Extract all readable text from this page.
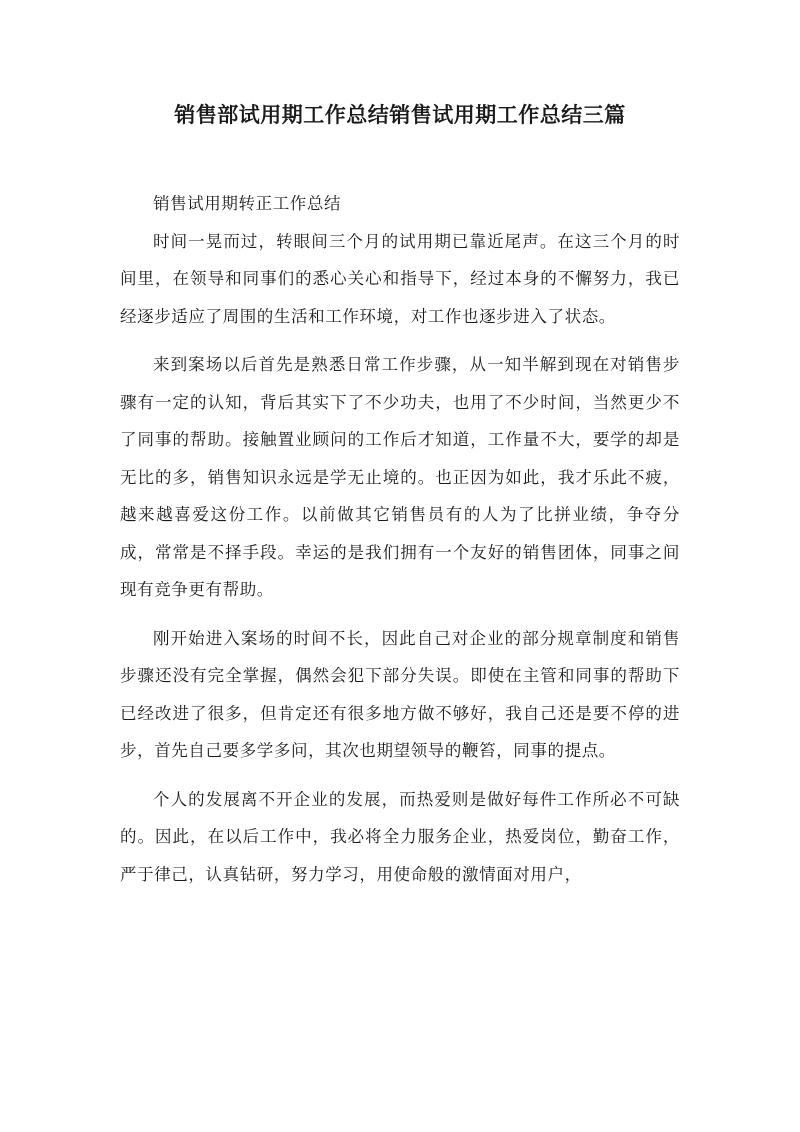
销售部试用期工作总结销售试用期工作总结三篇

销售试用期转正工作总结

时间一晃而过，转眼间三个月的试用期已靠近尾声。在这三个月的时间里，在领导和同事们的悉心关心和指导下，经过本身的不懈努力，我已经逐步适应了周围的生活和工作环境，对工作也逐步进入了状态。

来到案场以后首先是熟悉日常工作步骤，从一知半解到现在对销售步骤有一定的认知，背后其实下了不少功夫，也用了不少时间，当然更少不了同事的帮助。接触置业顾问的工作后才知道，工作量不大，要学的却是无比的多，销售知识永远是学无止境的。也正因为如此，我才乐此不疲，越来越喜爱这份工作。以前做其它销售员有的人为了比拼业绩，争夺分成，常常是不择手段。幸运的是我们拥有一个友好的销售团体，同事之间现有竞争更有帮助。

刚开始进入案场的时间不长，因此自己对企业的部分规章制度和销售步骤还没有完全掌握，偶然会犯下部分失误。即使在主管和同事的帮助下已经改进了很多，但肯定还有很多地方做不够好，我自己还是要不停的进步，首先自己要多学多问，其次也期望领导的鞭笞，同事的提点。

个人的发展离不开企业的发展，而热爱则是做好每件工作所必不可缺的。因此，在以后工作中，我必将全力服务企业，热爱岗位，勤奋工作，严于律己，认真钻研，努力学习，用使命般的激情面对用户，
